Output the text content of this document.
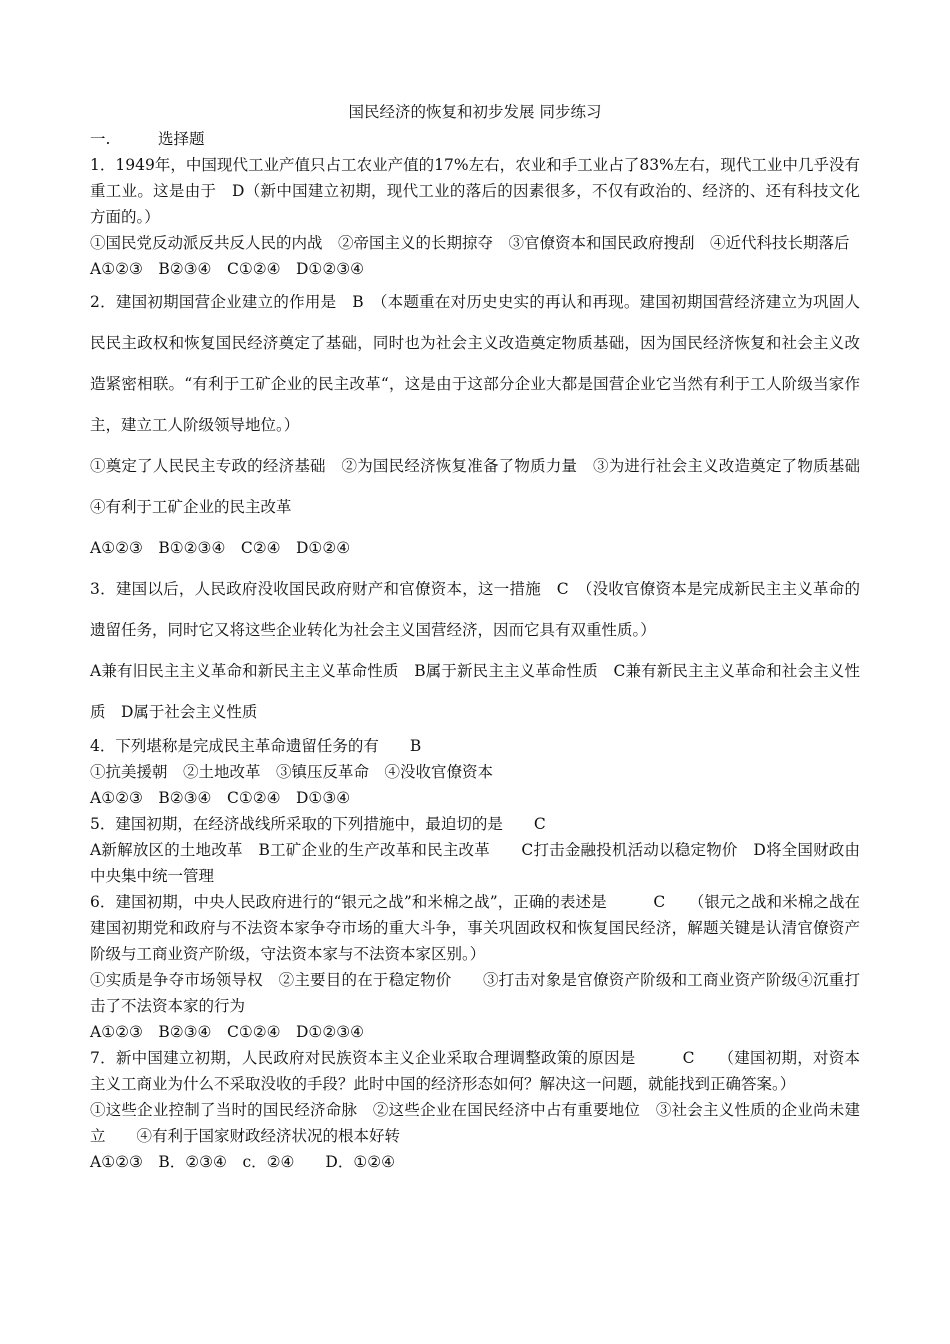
国民经济的恢复和初步发展 同步练习
一.	选择题

1．1949年，中国现代工业产值只占工农业产值的17%左右，农业和手工业占了83%左右，现代工业中几乎没有重工业。这是由于　D（新中国建立初期，现代工业的落后的因素很多，不仅有政治的、经济的、还有科技文化方面的。）

①国民党反动派反共反人民的内战　②帝国主义的长期掠夺　③官僚资本和国民政府搜刮　④近代科技长期落后

A①②③　B②③④　C①②④　D①②③④

2．建国初期国营企业建立的作用是　B　（本题重在对历史史实的再认和再现。建国初期国营经济建立为巩固人民民主政权和恢复国民经济奠定了基础，同时也为社会主义改造奠定物质基础，因为国民经济恢复和社会主义改造紧密相联。“有利于工矿企业的民主改革“，这是由于这部分企业大都是国营企业它当然有利于工人阶级当家作主，建立工人阶级领导地位。）

①奠定了人民民主专政的经济基础　②为国民经济恢复准备了物质力量　③为进行社会主义改造奠定了物质基础　④有利于工矿企业的民主改革

A①②③　B①②③④　C②④　D①②④

3．建国以后，人民政府没收国民政府财产和官僚资本，这一措施　C　（没收官僚资本是完成新民主主义革命的遗留任务，同时它又将这些企业转化为社会主义国营经济，因而它具有双重性质。）

A兼有旧民主主义革命和新民主主义革命性质　B属于新民主主义革命性质　C兼有新民主主义革命和社会主义性质　D属于社会主义性质

4．下列堪称是完成民主革命遗留任务的有　　B

①抗美援朝　②土地改革　③镇压反革命　④没收官僚资本

A①②③　B②③④　C①②④　D①③④

5．建国初期，在经济战线所采取的下列措施中，最迫切的是　　C

A新解放区的土地改革　B工矿企业的生产改革和民主改革　　C打击金融投机活动以稳定物价　D将全国财政由中央集中统一管理

6．建国初期，中央人民政府进行的“银元之战”和米棉之战”，正确的表述是　　　C　　（银元之战和米棉之战在建国初期党和政府与不法资本家争夺市场的重大斗争，事关巩固政权和恢复国民经济，解题关键是认清官僚资产阶级与工商业资产阶级，守法资本家与不法资本家区别。）

①实质是争夺市场领导权　②主要目的在于稳定物价　　③打击对象是官僚资产阶级和工商业资产阶级④沉重打击了不法资本家的行为

A①②③　B②③④　C①②④　D①②③④

7．新中国建立初期，人民政府对民族资本主义企业采取合理调整政策的原因是　　　C　　（建国初期，对资本主义工商业为什么不采取没收的手段？此时中国的经济形态如何？解决这一问题，就能找到正确答案。）

①这些企业控制了当时的国民经济命脉　②这些企业在国民经济中占有重要地位　③社会主义性质的企业尚未建立　　④有利于国家财政经济状况的根本好转

A①②③　B．②③④　c．②④　　D．①②④
